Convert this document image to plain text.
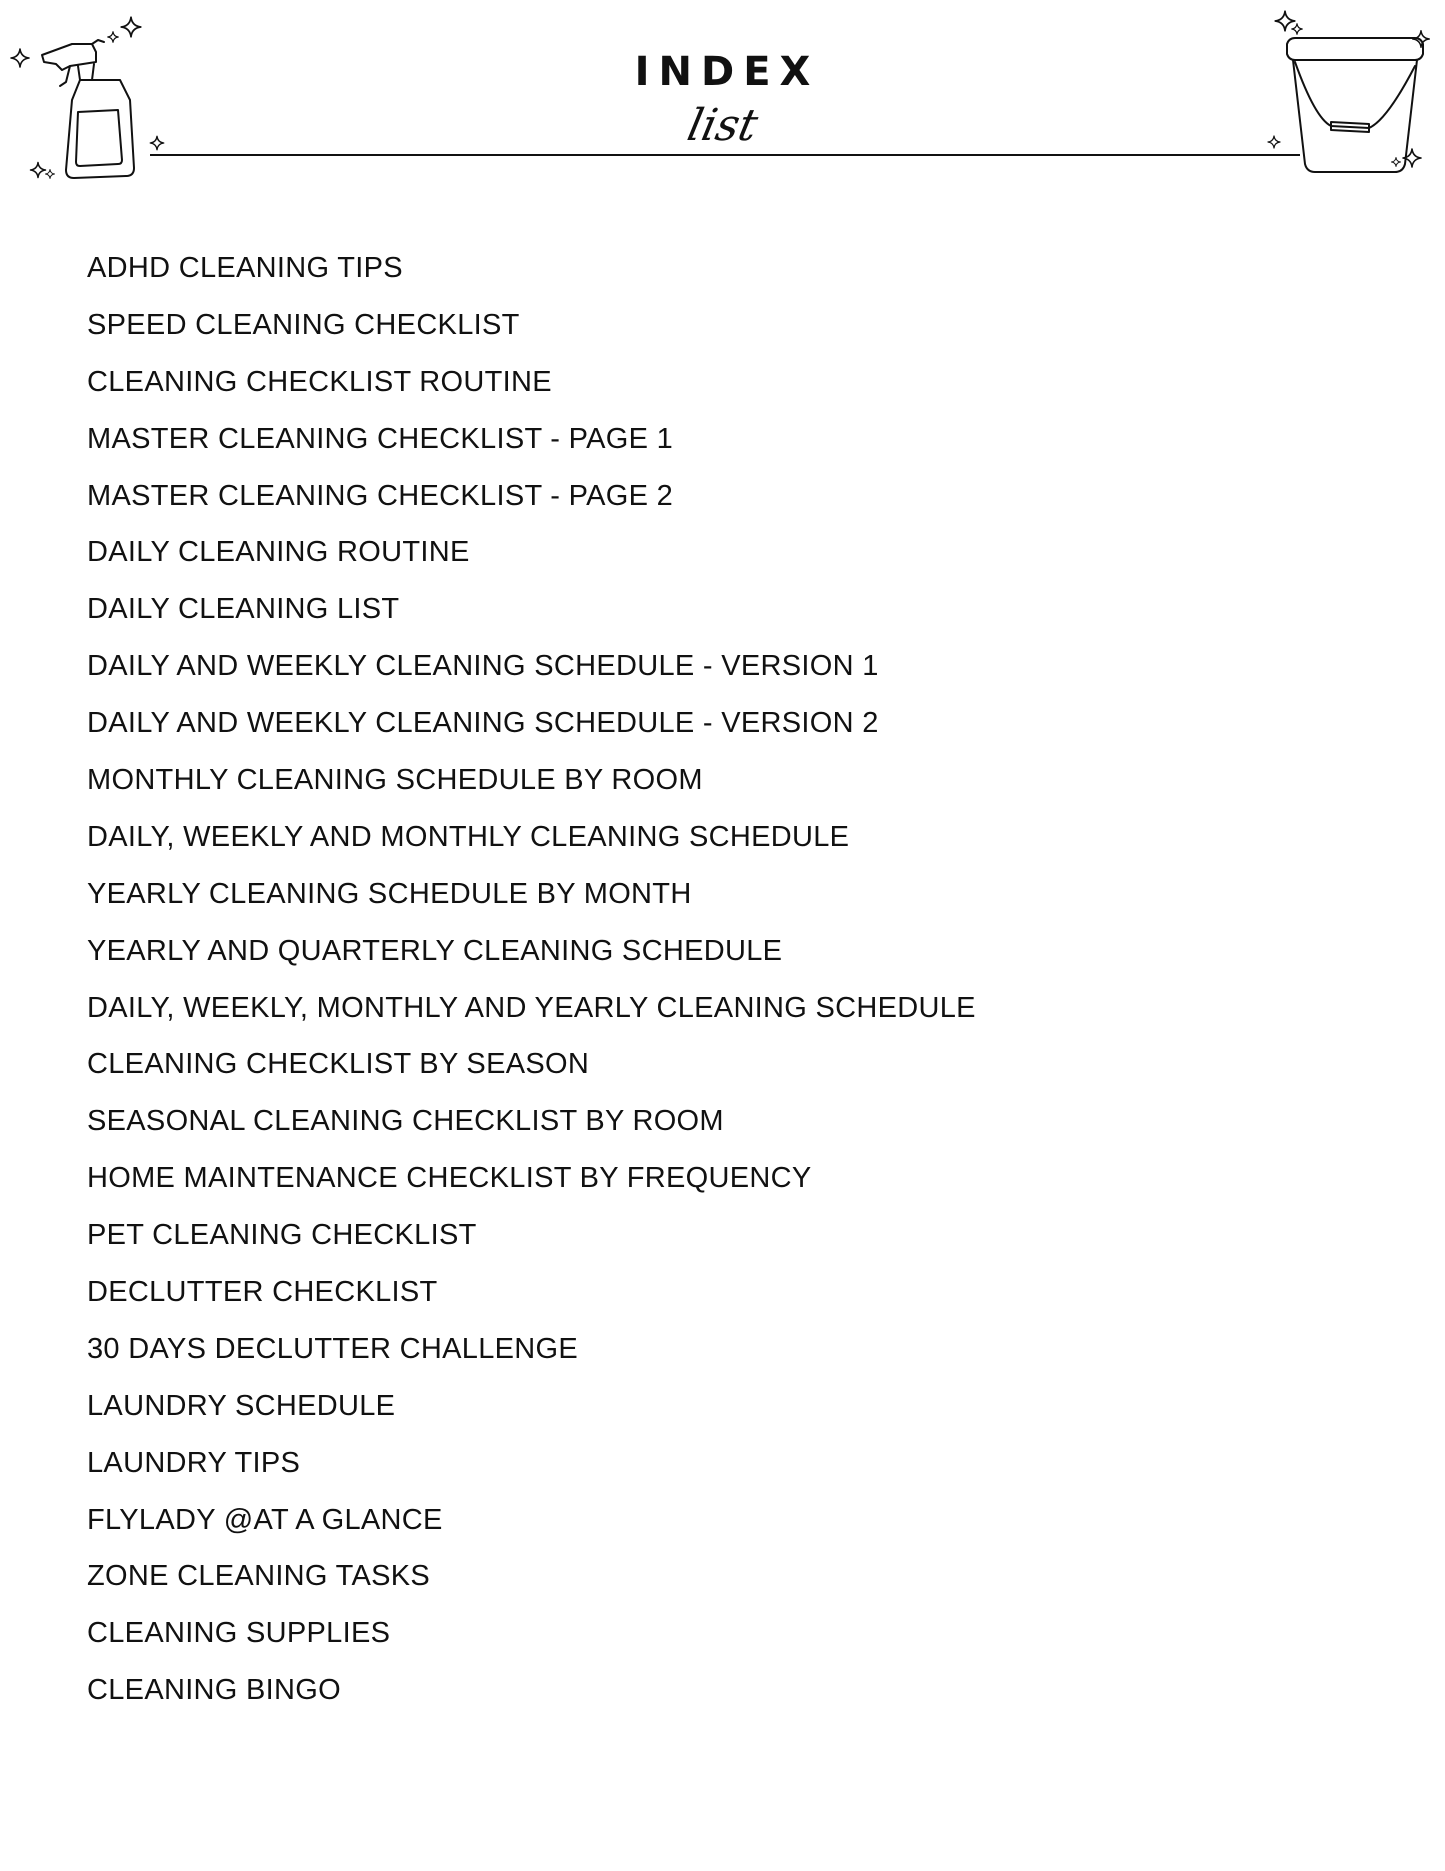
INDEX
list
ADHD CLEANING TIPS
SPEED CLEANING CHECKLIST
CLEANING CHECKLIST ROUTINE
MASTER CLEANING CHECKLIST - PAGE 1
MASTER CLEANING CHECKLIST - PAGE 2
DAILY CLEANING ROUTINE
DAILY CLEANING LIST
DAILY AND WEEKLY CLEANING SCHEDULE - VERSION 1
DAILY AND WEEKLY CLEANING SCHEDULE - VERSION 2
MONTHLY CLEANING SCHEDULE BY ROOM
DAILY, WEEKLY AND MONTHLY CLEANING SCHEDULE
YEARLY CLEANING SCHEDULE BY MONTH
YEARLY AND QUARTERLY CLEANING SCHEDULE
DAILY, WEEKLY, MONTHLY AND YEARLY CLEANING SCHEDULE
CLEANING CHECKLIST BY SEASON
SEASONAL CLEANING CHECKLIST BY ROOM
HOME MAINTENANCE CHECKLIST BY FREQUENCY
PET CLEANING CHECKLIST
DECLUTTER CHECKLIST
30 DAYS DECLUTTER CHALLENGE
LAUNDRY SCHEDULE
LAUNDRY TIPS
FLYLADY @AT A GLANCE
ZONE CLEANING TASKS
CLEANING SUPPLIES
CLEANING BINGO
